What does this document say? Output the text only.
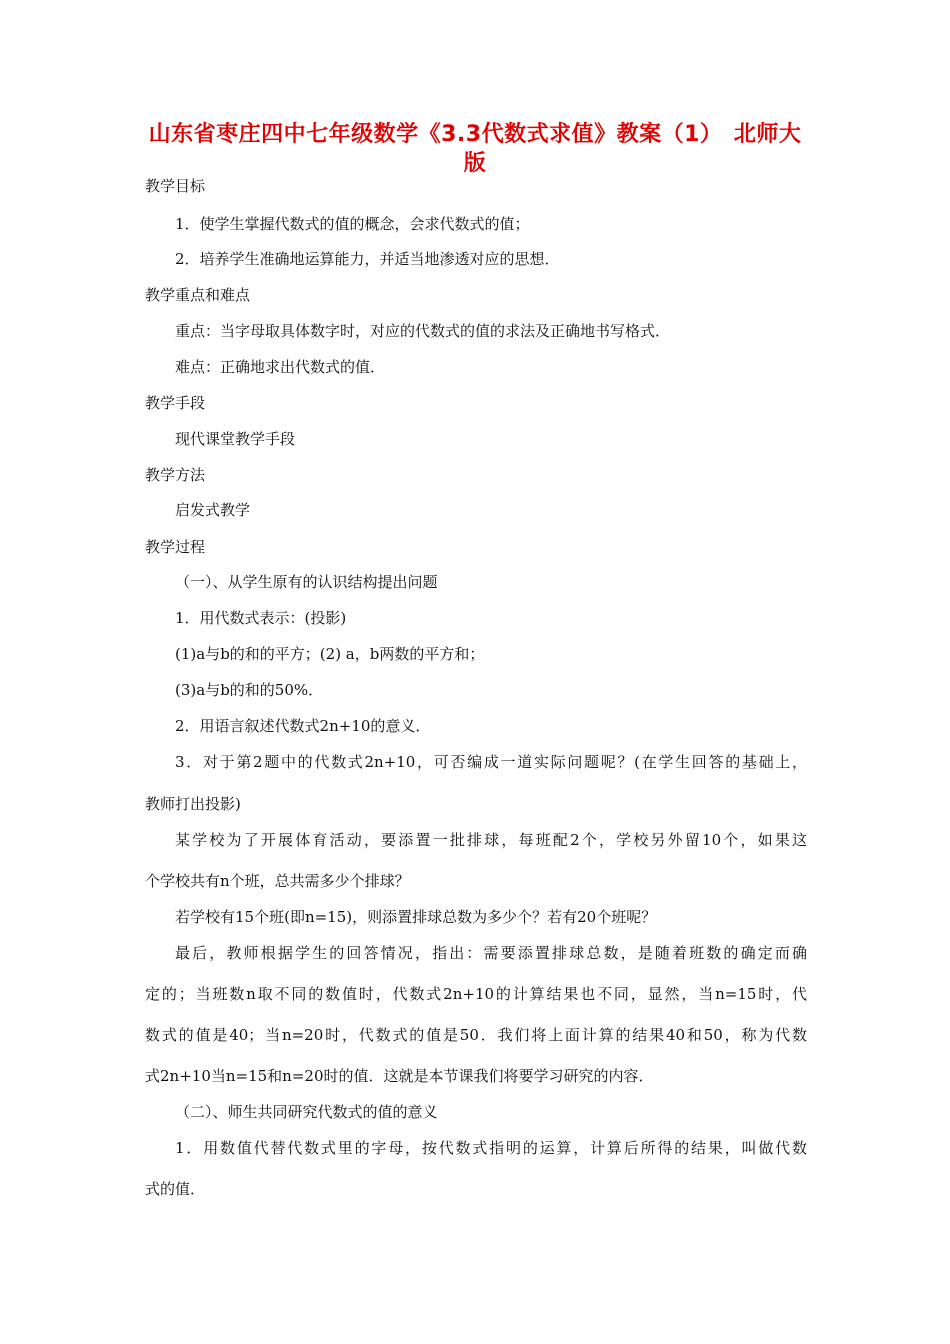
山东省枣庄四中七年级数学《3.3代数式求值》教案（1）　北师大版
教学目标
1．使学生掌握代数式的值的概念，会求代数式的值；
2．培养学生准确地运算能力，并适当地渗透对应的思想．
教学重点和难点
重点：当字母取具体数字时，对应的代数式的值的求法及正确地书写格式．
难点：正确地求出代数式的值．
教学手段
现代课堂教学手段
教学方法
启发式教学
教学过程
（一）、从学生原有的认识结构提出问题
1．用代数式表示：(投影)
(1)a与b的和的平方；(2) a，b两数的平方和；
(3)a与b的和的50%．
2．用语言叙述代数式2n+10的意义．
3．对于第2题中的代数式2n+10，可否编成一道实际问题呢？(在学生回答的基础上，
教师打出投影)
某学校为了开展体育活动，要添置一批排球，每班配2个，学校另外留10个，如果这
个学校共有n个班，总共需多少个排球？
若学校有15个班(即n=15)，则添置排球总数为多少个？若有20个班呢？
最后，教师根据学生的回答情况，指出：需要添置排球总数，是随着班数的确定而确
定的；当班数n取不同的数值时，代数式2n+10的计算结果也不同，显然，当n=15时，代
数式的值是40；当n=20时，代数式的值是50．我们将上面计算的结果40和50，称为代数
式2n+10当n=15和n=20时的值．这就是本节课我们将要学习研究的内容．
（二）、师生共同研究代数式的值的意义
1．用数值代替代数式里的字母，按代数式指明的运算，计算后所得的结果，叫做代数
式的值．
